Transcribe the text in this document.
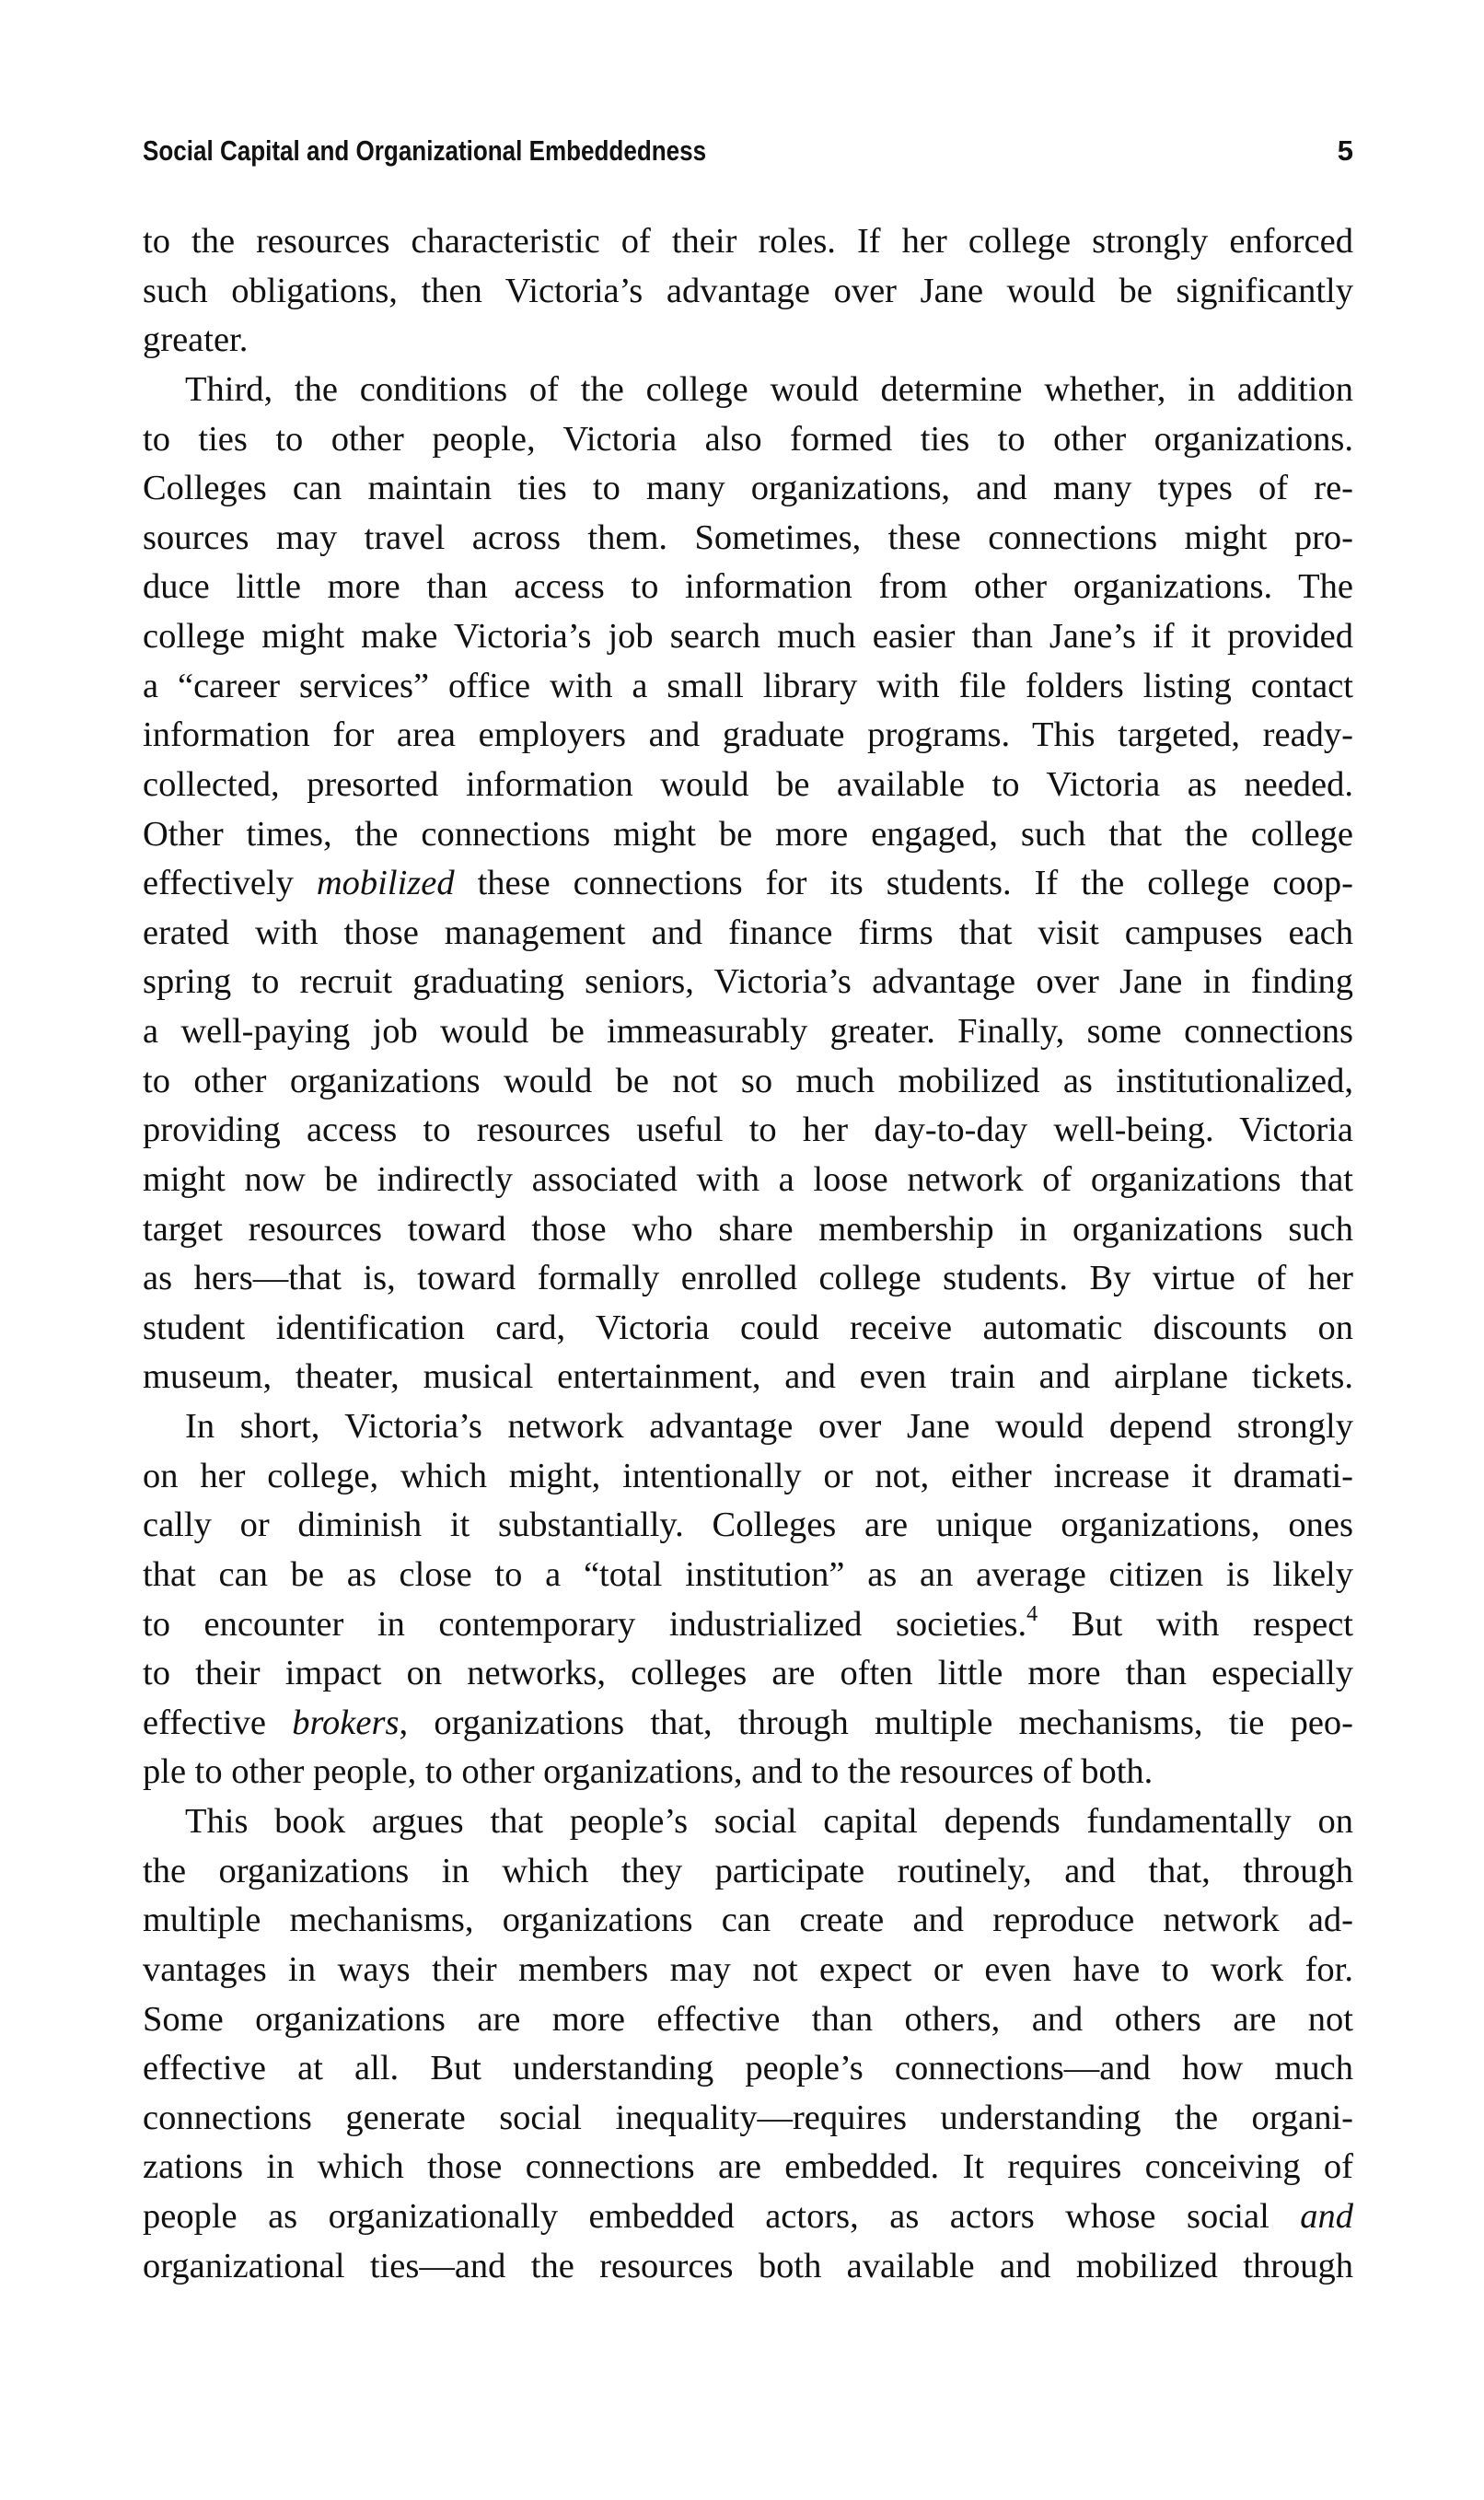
Social Capital and Organizational Embeddedness	5
to the resources characteristic of their roles. If her college strongly enforced
such obligations, then Victoria’s advantage over Jane would be significantly
greater.
Third, the conditions of the college would determine whether, in addition
to ties to other people, Victoria also formed ties to other organizations.
Colleges can maintain ties to many organizations, and many types of re-
sources may travel across them. Sometimes, these connections might pro-
duce little more than access to information from other organizations. The
college might make Victoria’s job search much easier than Jane’s if it provided
a “career services” office with a small library with file folders listing contact
information for area employers and graduate programs. This targeted, ready-
collected, presorted information would be available to Victoria as needed.
Other times, the connections might be more engaged, such that the college
effectively mobilized these connections for its students. If the college coop-
erated with those management and finance firms that visit campuses each
spring to recruit graduating seniors, Victoria’s advantage over Jane in finding
a well-paying job would be immeasurably greater. Finally, some connections
to other organizations would be not so much mobilized as institutionalized,
providing access to resources useful to her day-to-day well-being. Victoria
might now be indirectly associated with a loose network of organizations that
target resources toward those who share membership in organizations such
as hers—that is, toward formally enrolled college students. By virtue of her
student identification card, Victoria could receive automatic discounts on
museum, theater, musical entertainment, and even train and airplane tickets.
In short, Victoria’s network advantage over Jane would depend strongly
on her college, which might, intentionally or not, either increase it dramati-
cally or diminish it substantially. Colleges are unique organizations, ones
that can be as close to a “total institution” as an average citizen is likely
to encounter in contemporary industrialized societies.$^4$ But with respect
to their impact on networks, colleges are often little more than especially
effective brokers, organizations that, through multiple mechanisms, tie peo-
ple to other people, to other organizations, and to the resources of both.
This book argues that people’s social capital depends fundamentally on
the organizations in which they participate routinely, and that, through
multiple mechanisms, organizations can create and reproduce network ad-
vantages in ways their members may not expect or even have to work for.
Some organizations are more effective than others, and others are not
effective at all. But understanding people’s connections—and how much
connections generate social inequality—requires understanding the organi-
zations in which those connections are embedded. It requires conceiving of
people as organizationally embedded actors, as actors whose social and
organizational ties—and the resources both available and mobilized through
